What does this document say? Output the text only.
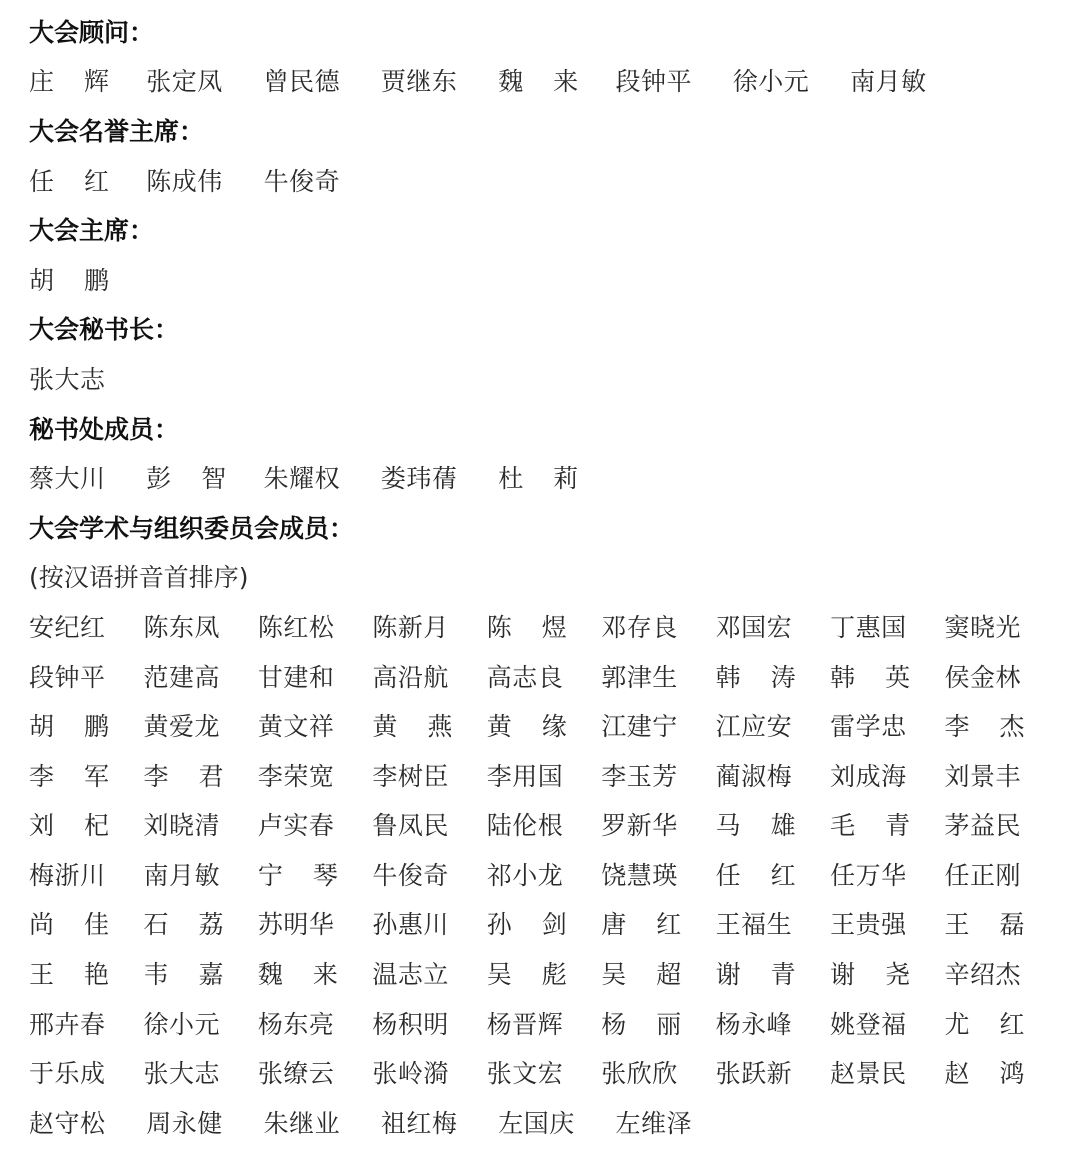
大会顾问：
庄辉 张定凤	曾民德	贾继东	魏来 段钟平	徐小元	南月敏
大会名誉主席：
任红 陈成伟	牛俊奇
大会主席：
胡鹏
大会秘书长：
张大志
秘书处成员：
蔡大川	彭智 朱耀权	娄玮蒨	杜莉
大会学术与组织委员会成员：
(按汉语拼音首排序)
安纪红	陈东凤	陈红松	陈新月	陈煜 邓存良	邓国宏	丁惠国	窦晓光
段钟平	范建高	甘建和	高沿航	高志良	郭津生	韩涛 韩英 侯金林
胡鹏 黄爱龙	黄文祥	黄燕 黄缘 江建宁	江应安	雷学忠	李杰
李军 李君 李荣宽	李树臣	李用国	李玉芳	蔺淑梅	刘成海	刘景丰
刘杞 刘晓清	卢实春	鲁凤民	陆伦根	罗新华	马雄 毛青 茅益民
梅浙川	南月敏	宁琴 牛俊奇	祁小龙	饶慧瑛	任红 任万华	任正刚
尚佳 石荔 苏明华	孙惠川	孙剑 唐红 王福生	王贵强	王磊
王艳 韦嘉 魏来 温志立	吴彪 吴超 谢青 谢尧 辛绍杰
邢卉春	徐小元	杨东亮	杨积明	杨晋辉	杨丽 杨永峰	姚登福	尤红
于乐成	张大志	张缭云	张岭漪	张文宏	张欣欣	张跃新	赵景民	赵鸿
赵守松	周永健	朱继业	祖红梅	左国庆	左维泽
